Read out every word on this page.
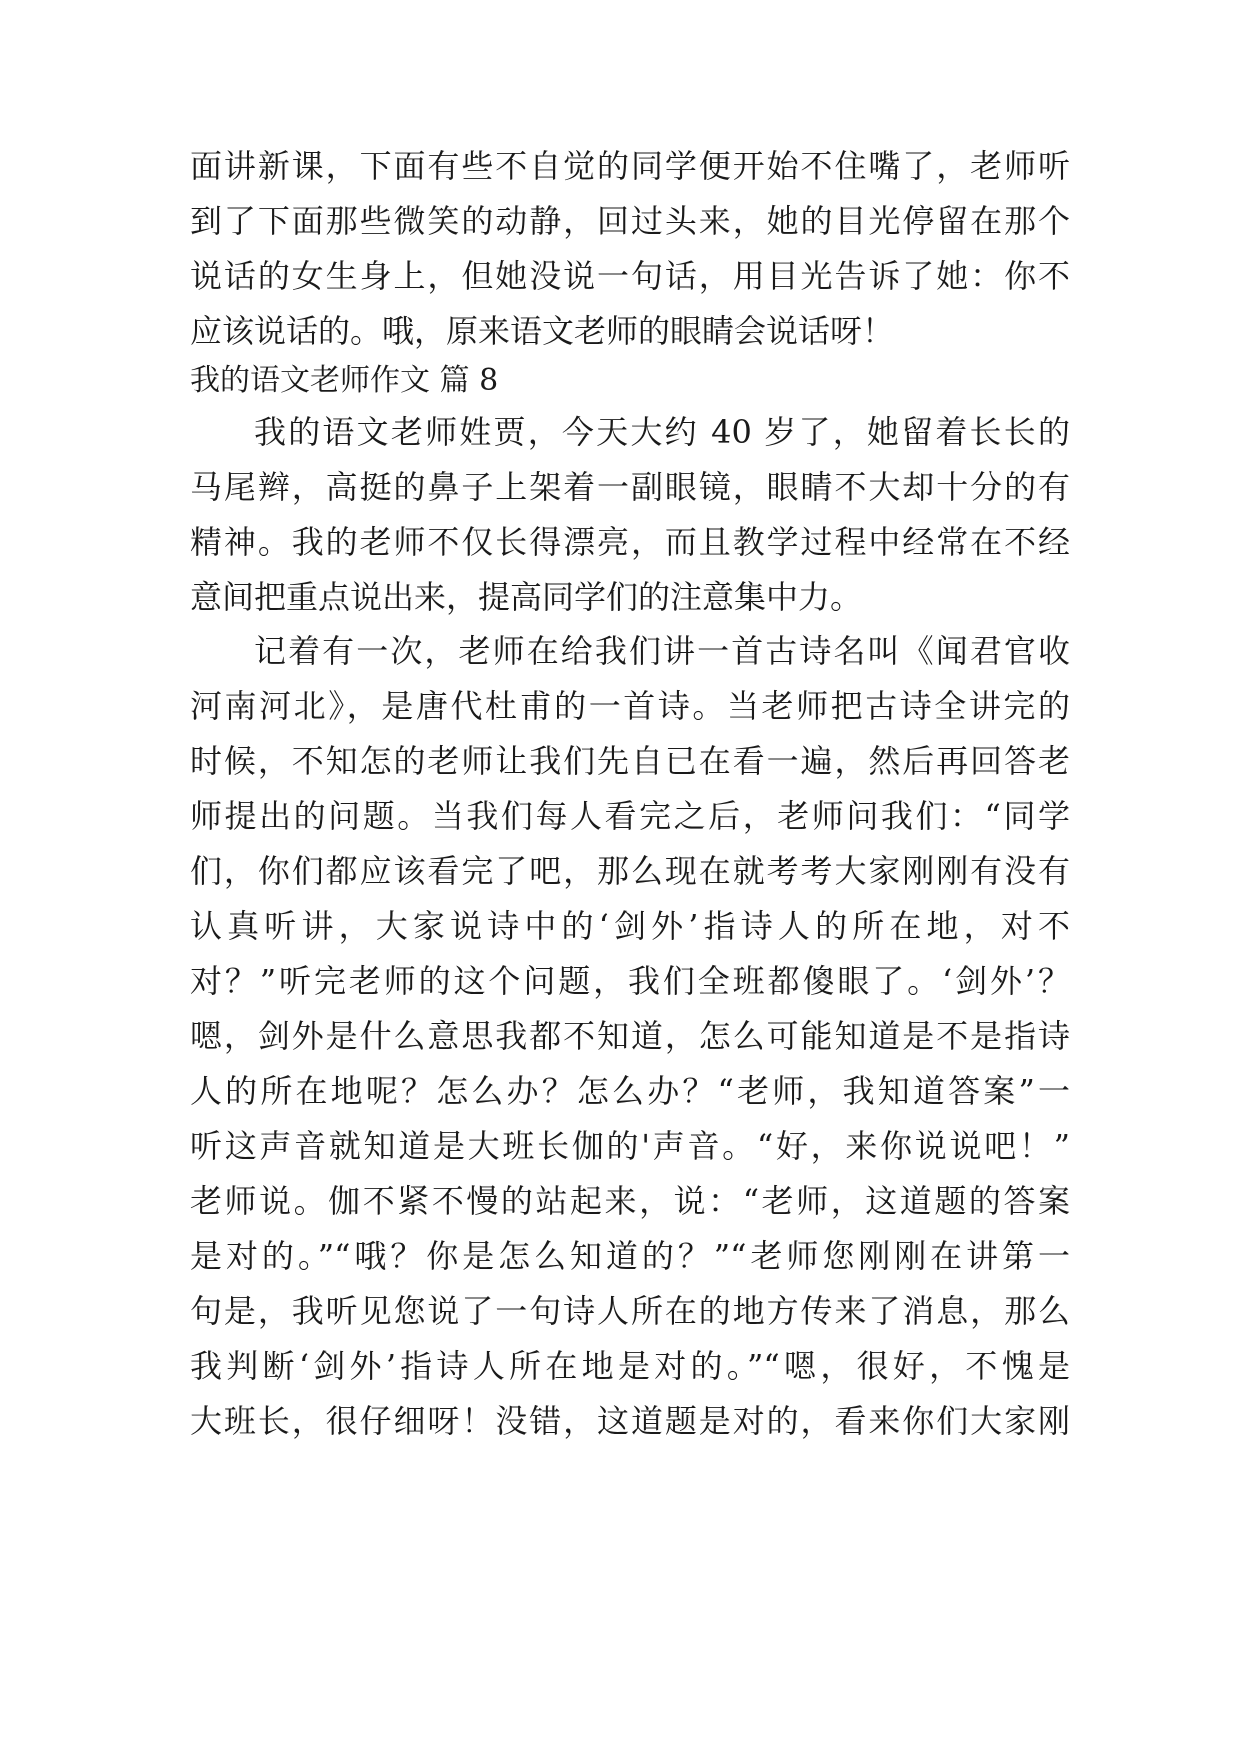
面讲新课，下面有些不自觉的同学便开始不住嘴了，老师听
到了下面那些微笑的动静，回过头来，她的目光停留在那个
说话的女生身上，但她没说一句话，用目光告诉了她：你不
应该说话的。哦，原来语文老师的眼睛会说话呀！
我的语文老师作文 篇 8
我的语文老师姓贾，今天大约 40 岁了，她留着长长的
马尾辫，高挺的鼻子上架着一副眼镜，眼睛不大却十分的有
精神。我的老师不仅长得漂亮，而且教学过程中经常在不经
意间把重点说出来，提高同学们的注意集中力。
记着有一次，老师在给我们讲一首古诗名叫《闻君官收
河南河北》，是唐代杜甫的一首诗。当老师把古诗全讲完的
时候，不知怎的老师让我们先自已在看一遍，然后再回答老
师提出的问题。当我们每人看完之后，老师问我们：“同学
们，你们都应该看完了吧，那么现在就考考大家刚刚有没有
认真听讲，大家说诗中的‘剑外’指诗人的所在地，对不
对？”听完老师的这个问题，我们全班都傻眼了。‘剑外’？
嗯，剑外是什么意思我都不知道，怎么可能知道是不是指诗
人的所在地呢？怎么办？怎么办？“老师，我知道答案”一
听这声音就知道是大班长伽的'声音。“好，来你说说吧！”
老师说。伽不紧不慢的站起来，说：“老师，这道题的答案
是对的。”“哦？你是怎么知道的？”“老师您刚刚在讲第一
句是，我听见您说了一句诗人所在的地方传来了消息，那么
我判断‘剑外’指诗人所在地是对的。”“嗯，很好，不愧是
大班长，很仔细呀！没错，这道题是对的，看来你们大家刚
